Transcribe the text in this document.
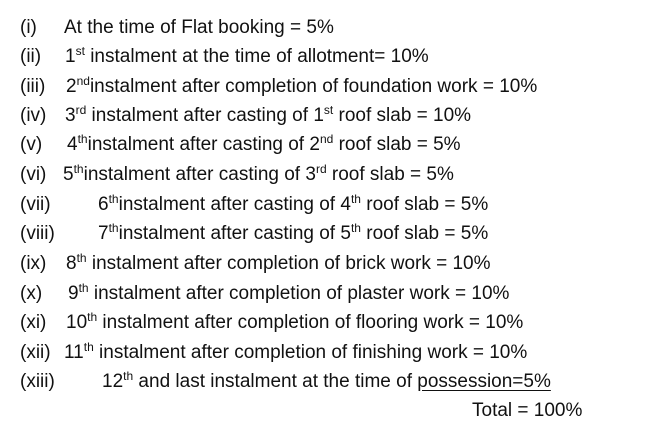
(i) At the time of Flat booking = 5%
(ii) 1st instalment at the time of allotment= 10%
(iii) 2ndinstalment after completion of foundation work = 10%
(iv) 3rd instalment after casting of 1st roof slab = 10%
(v) 4thinstalment after casting of 2nd roof slab = 5%
(vi) 5thinstalment after casting of 3rd roof slab = 5%
(vii) 6thinstalment after casting of 4th roof slab = 5%
(viii) 7thinstalment after casting of 5th roof slab = 5%
(ix) 8th instalment after completion of brick work = 10%
(x) 9th instalment after completion of plaster work = 10%
(xi) 10th instalment after completion of flooring work = 10%
(xii) 11th instalment after completion of finishing work = 10%
(xiii) 12th and last instalment at the time of possession=5%
Total = 100%
